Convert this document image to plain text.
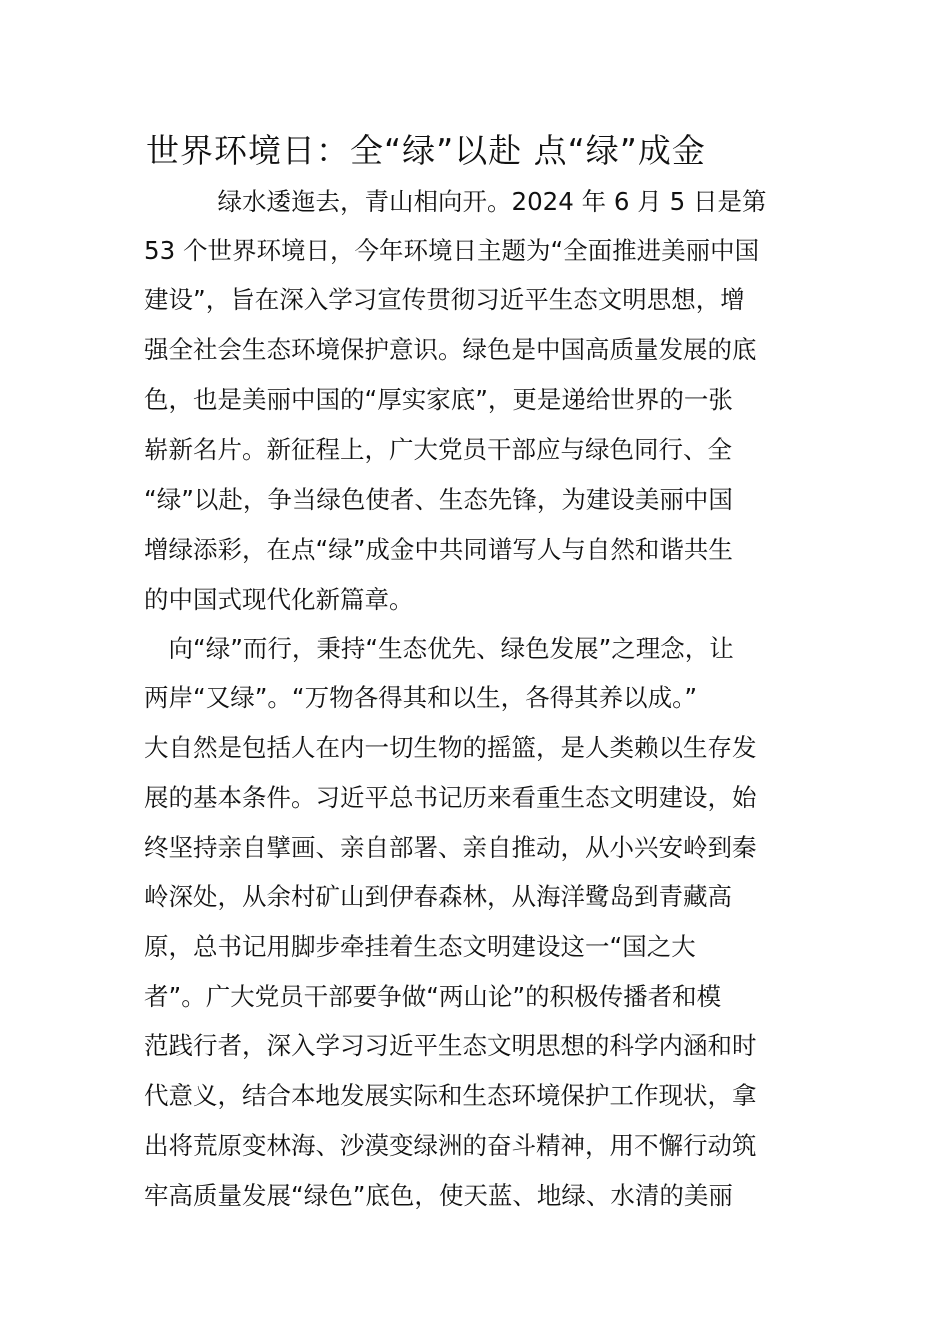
世界环境日：全“绿”以赴 点“绿”成金

　　　绿水逶迤去，青山相向开。2024 年 6 月 5 日是第

53 个世界环境日，今年环境日主题为“全面推进美丽中国

建设”，旨在深入学习宣传贯彻习近平生态文明思想，增

强全社会生态环境保护意识。绿色是中国高质量发展的底

色，也是美丽中国的“厚实家底”，更是递给世界的一张

崭新名片。新征程上，广大党员干部应与绿色同行、全

“绿”以赴，争当绿色使者、生态先锋，为建设美丽中国

增绿添彩，在点“绿”成金中共同谱写人与自然和谐共生

的中国式现代化新篇章。

　向“绿”而行，秉持“生态优先、绿色发展”之理念，让

两岸“又绿”。“万物各得其和以生，各得其养以成。”

大自然是包括人在内一切生物的摇篮，是人类赖以生存发

展的基本条件。习近平总书记历来看重生态文明建设，始

终坚持亲自擘画、亲自部署、亲自推动，从小兴安岭到秦

岭深处，从余村矿山到伊春森林，从海洋鹭岛到青藏高

原，总书记用脚步牵挂着生态文明建设这一“国之大

者”。广大党员干部要争做“两山论”的积极传播者和模

范践行者，深入学习习近平生态文明思想的科学内涵和时

代意义，结合本地发展实际和生态环境保护工作现状，拿

出将荒原变林海、沙漠变绿洲的奋斗精神，用不懈行动筑

牢高质量发展“绿色”底色，使天蓝、地绿、水清的美丽
